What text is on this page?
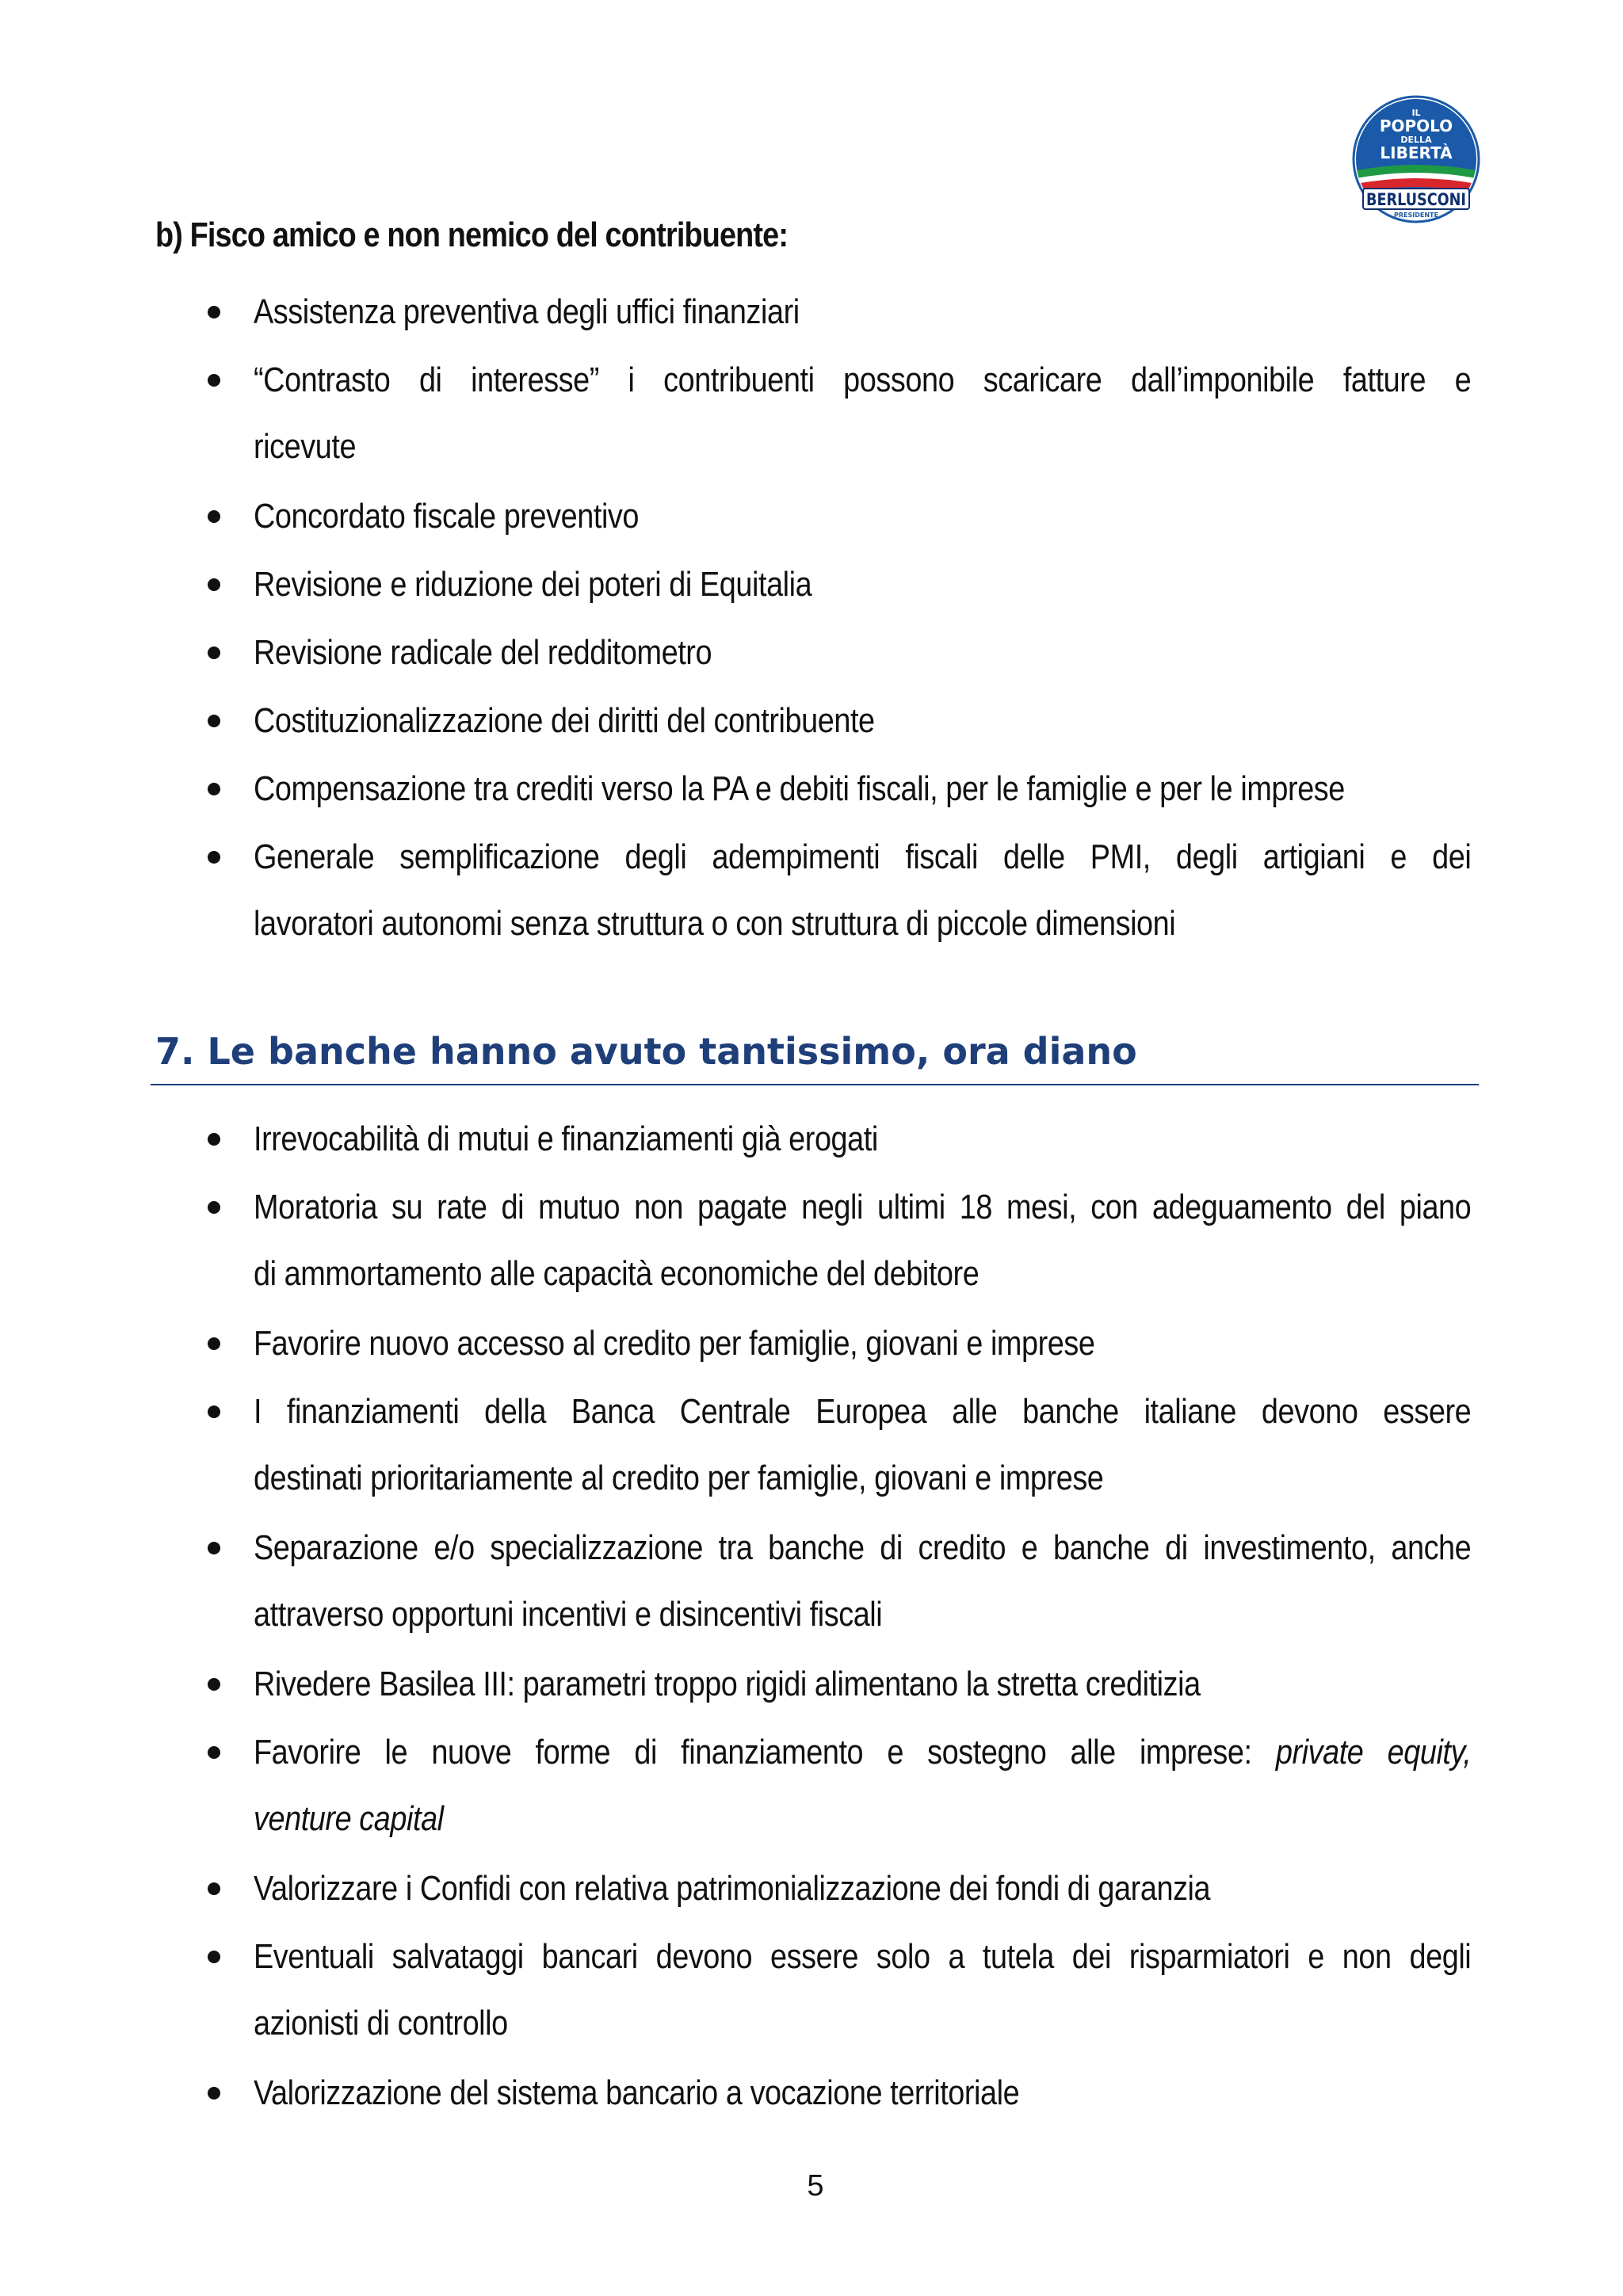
IL
POPOLO
DELLA
LIBERTÀ
BERLUSCONI
PRESIDENTE
b) Fisco amico e non nemico del contribuente:
Assistenza preventiva degli uffici finanziari
“Contrasto di interesse” i contribuenti possono scaricare dall’imponibile fatture e
ricevute
Concordato fiscale preventivo
Revisione e riduzione dei poteri di Equitalia
Revisione radicale del redditometro
Costituzionalizzazione dei diritti del contribuente
Compensazione tra crediti verso la PA e debiti fiscali, per le famiglie e per le imprese
Generale semplificazione degli adempimenti fiscali delle PMI, degli artigiani e dei
lavoratori autonomi senza struttura o con struttura di piccole dimensioni
7. Le banche hanno avuto tantissimo, ora diano
Irrevocabilità di mutui e finanziamenti già erogati
Moratoria su rate di mutuo non pagate negli ultimi 18 mesi, con adeguamento del piano
di ammortamento alle capacità economiche del debitore
Favorire nuovo accesso al credito per famiglie, giovani e imprese
I finanziamenti della Banca Centrale Europea alle banche italiane devono essere
destinati prioritariamente al credito per famiglie, giovani e imprese
Separazione e/o specializzazione tra banche di credito e banche di investimento, anche
attraverso opportuni incentivi e disincentivi fiscali
Rivedere Basilea III: parametri troppo rigidi alimentano la stretta creditizia
Favorire le nuove forme di finanziamento e sostegno alle imprese: private equity,
venture capital
Valorizzare i Confidi con relativa patrimonializzazione dei fondi di garanzia
Eventuali salvataggi bancari devono essere solo a tutela dei risparmiatori e non degli
azionisti di controllo
Valorizzazione del sistema bancario a vocazione territoriale
5
